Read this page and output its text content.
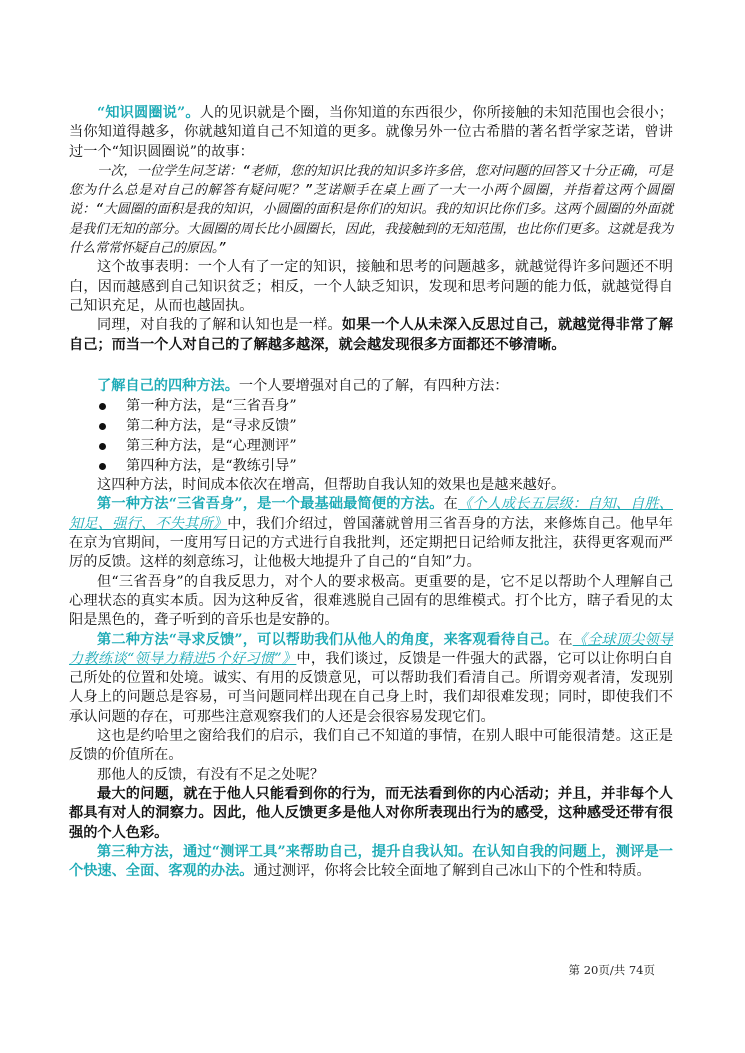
“知识圆圈说”。人的见识就是个圈，当你知道的东西很少，你所接触的未知范围也会很小；当你知道得越多，你就越知道自己不知道的更多。就像另外一位古希腊的著名哲学家芝诺，曾讲过一个“知识圆圈说”的故事：

一次，一位学生问芝诺：“老师，您的知识比我的知识多许多倍，您对问题的回答又十分正确，可是您为什么总是对自己的解答有疑问呢？”芝诺顺手在桌上画了一大一小两个圆圈，并指着这两个圆圈说：“大圆圈的面积是我的知识，小圆圈的面积是你们的知识。我的知识比你们多。这两个圆圈的外面就是我们无知的部分。大圆圈的周长比小圆圈长，因此，我接触到的无知范围，也比你们更多。这就是我为什么常常怀疑自己的原因。”

这个故事表明：一个人有了一定的知识，接触和思考的问题越多，就越觉得许多问题还不明白，因而越感到自己知识贫乏；相反，一个人缺乏知识，发现和思考问题的能力低，就越觉得自己知识充足，从而也越固执。

同理，对自我的了解和认知也是一样。如果一个人从未深入反思过自己，就越觉得非常了解自己；而当一个人对自己的了解越多越深，就会越发现很多方面都还不够清晰。

了解自己的四种方法。一个人要增强对自己的了解，有四种方法：

第一种方法，是“三省吾身”
第二种方法，是“寻求反馈”
第三种方法，是“心理测评”
第四种方法，是“教练引导”

这四种方法，时间成本依次在增高，但帮助自我认知的效果也是越来越好。

第一种方法“三省吾身”，是一个最基础最简便的方法。在《个人成长五层级：自知、自胜、知足、强行、不失其所》中，我们介绍过，曾国藩就曾用三省吾身的方法，来修炼自己。他早年在京为官期间，一度用写日记的方式进行自我批判，还定期把日记给师友批注，获得更客观而严厉的反馈。这样的刻意练习，让他极大地提升了自己的“自知”力。

但“三省吾身”的自我反思力，对个人的要求极高。更重要的是，它不足以帮助个人理解自己心理状态的真实本质。因为这种反省，很难逃脱自己固有的思维模式。打个比方，瞎子看见的太阳是黑色的，聋子听到的音乐也是安静的。

第二种方法“寻求反馈”，可以帮助我们从他人的角度，来客观看待自己。在《全球顶尖领导力教练谈“领导力精进5个好习惯”》中，我们谈过，反馈是一件强大的武器，它可以让你明白自己所处的位置和处境。诚实、有用的反馈意见，可以帮助我们看清自己。所谓旁观者清，发现别人身上的问题总是容易，可当问题同样出现在自己身上时，我们却很难发现；同时，即使我们不承认问题的存在，可那些注意观察我们的人还是会很容易发现它们。

这也是约哈里之窗给我们的启示，我们自己不知道的事情，在别人眼中可能很清楚。这正是反馈的价值所在。

那他人的反馈，有没有不足之处呢？

最大的问题，就在于他人只能看到你的行为，而无法看到你的内心活动；并且，并非每个人都具有对人的洞察力。因此，他人反馈更多是他人对你所表现出行为的感受，这种感受还带有很强的个人色彩。

第三种方法，通过“测评工具”来帮助自己，提升自我认知。在认知自我的问题上，测评是一个快速、全面、客观的办法。通过测评，你将会比较全面地了解到自己冰山下的个性和特质。

第 20页/共 74页
